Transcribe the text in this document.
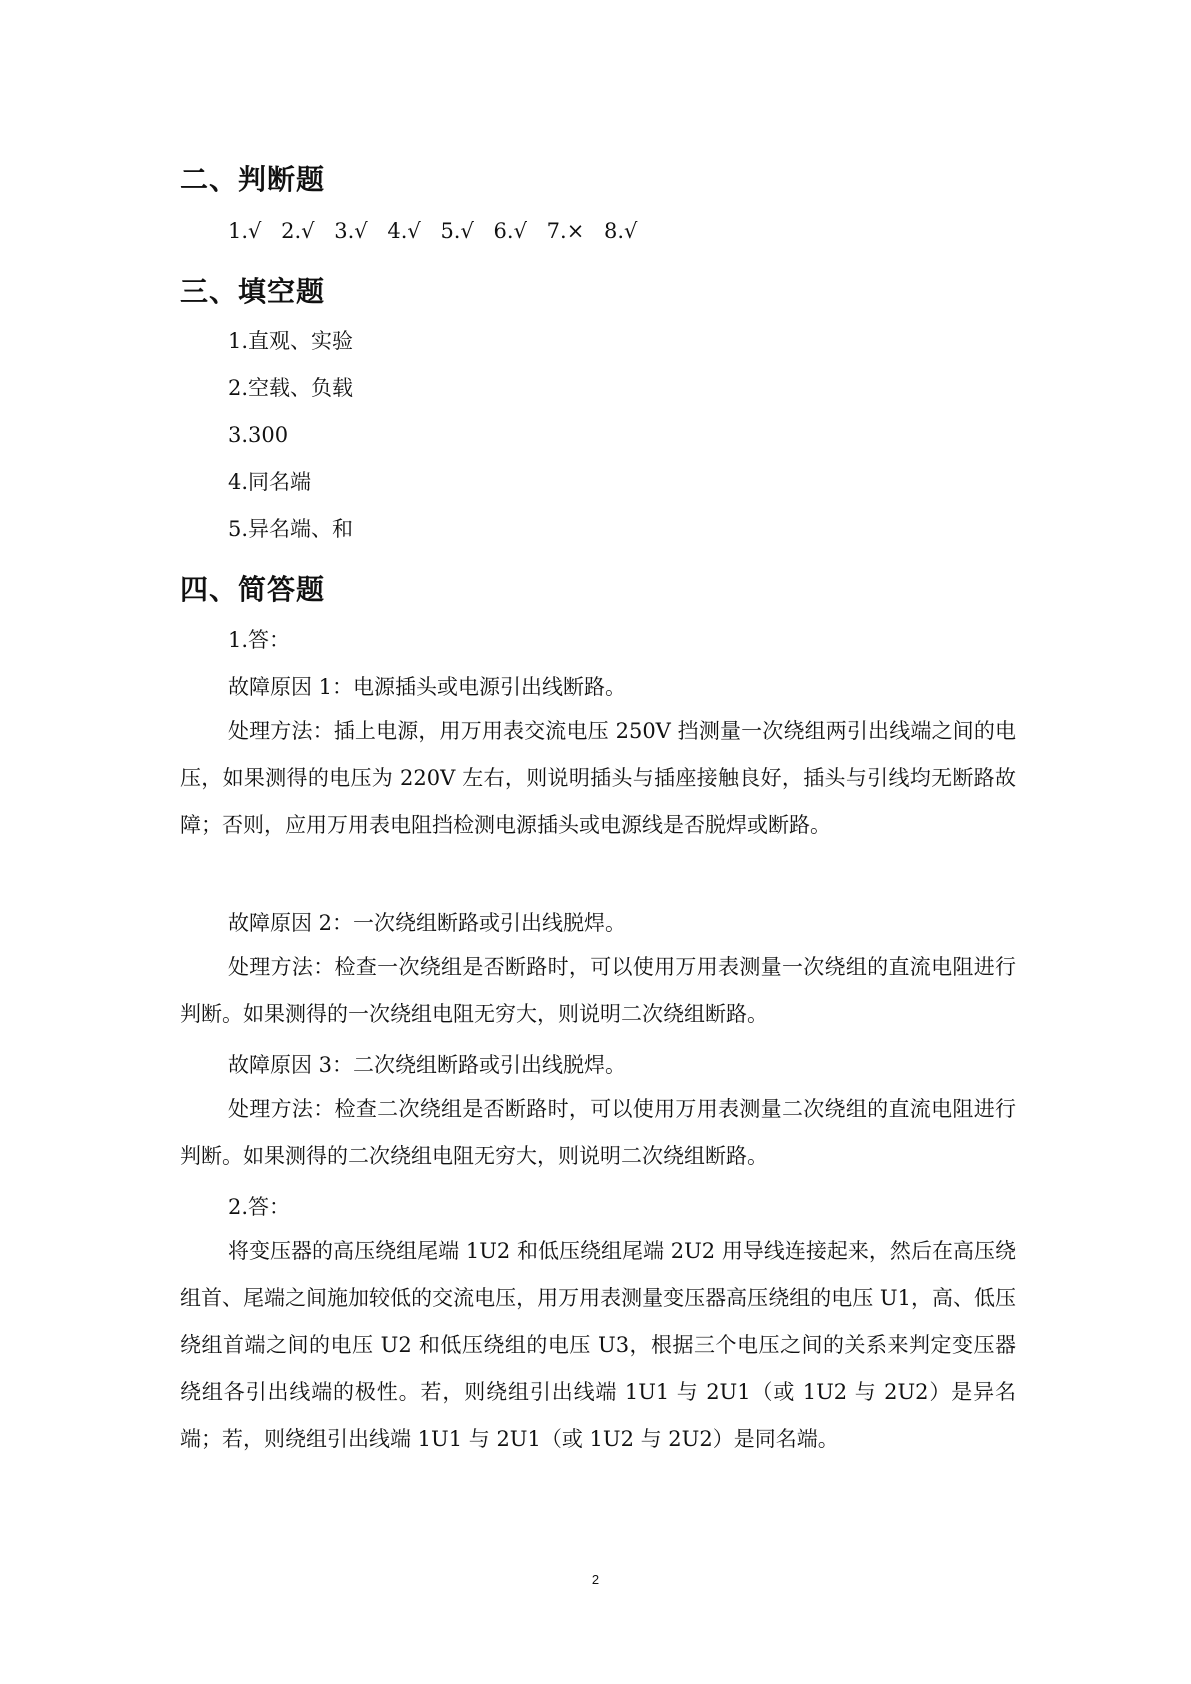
二、判断题
1.√ 2.√ 3.√ 4.√ 5.√ 6.√ 7.× 8.√
三、填空题
1.直观、实验
2.空载、负载
3.300
4.同名端
5.异名端、和
四、简答题
1.答：
故障原因 1：电源插头或电源引出线断路。
处理方法：插上电源，用万用表交流电压 250V 挡测量一次绕组两引出线端之间的电压，如果测得的电压为 220V 左右，则说明插头与插座接触良好，插头与引线均无断路故障；否则，应用万用表电阻挡检测电源插头或电源线是否脱焊或断路。
故障原因 2：一次绕组断路或引出线脱焊。
处理方法：检查一次绕组是否断路时，可以使用万用表测量一次绕组的直流电阻进行判断。如果测得的一次绕组电阻无穷大，则说明二次绕组断路。
故障原因 3：二次绕组断路或引出线脱焊。
处理方法：检查二次绕组是否断路时，可以使用万用表测量二次绕组的直流电阻进行判断。如果测得的二次绕组电阻无穷大，则说明二次绕组断路。
2.答：
将变压器的高压绕组尾端 1U2 和低压绕组尾端 2U2 用导线连接起来，然后在高压绕组首、尾端之间施加较低的交流电压，用万用表测量变压器高压绕组的电压 U1，高、低压绕组首端之间的电压 U2 和低压绕组的电压 U3，根据三个电压之间的关系来判定变压器绕组各引出线端的极性。若，则绕组引出线端 1U1 与 2U1（或 1U2 与 2U2）是异名端；若，则绕组引出线端 1U1 与 2U1（或 1U2 与 2U2）是同名端。
2
